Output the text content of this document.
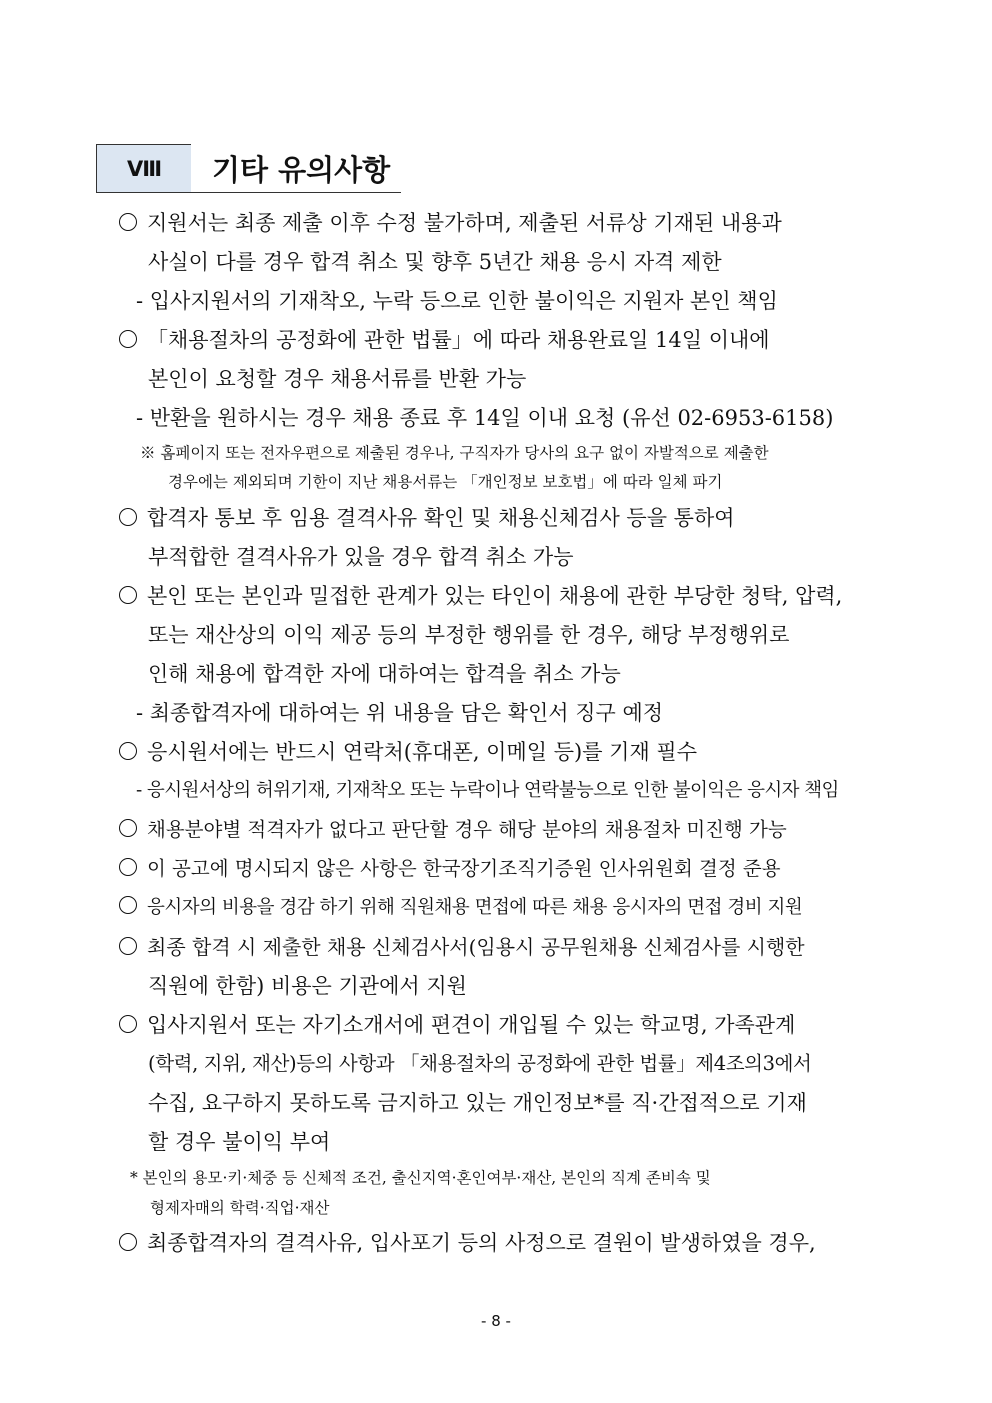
Ⅷ	기타 유의사항
지원서는 최종 제출 이후 수정 불가하며, 제출된 서류상 기재된 내용과
사실이 다를 경우 합격 취소 및 향후 5년간 채용 응시 자격 제한
- 입사지원서의 기재착오, 누락 등으로 인한 불이익은 지원자 본인 책임
「채용절차의 공정화에 관한 법률」에 따라 채용완료일 14일 이내에
본인이 요청할 경우 채용서류를 반환 가능
- 반환을 원하시는 경우 채용 종료 후 14일 이내 요청 (유선 02-6953-6158)
※ 홈페이지 또는 전자우편으로 제출된 경우나, 구직자가 당사의 요구 없이 자발적으로 제출한
경우에는 제외되며 기한이 지난 채용서류는 「개인정보 보호법」에 따라 일체 파기
합격자 통보 후 임용 결격사유 확인 및 채용신체검사 등을 통하여
부적합한 결격사유가 있을 경우 합격 취소 가능
본인 또는 본인과 밀접한 관계가 있는 타인이 채용에 관한 부당한 청탁, 압력,
또는 재산상의 이익 제공 등의 부정한 행위를 한 경우, 해당 부정행위로
인해 채용에 합격한 자에 대하여는 합격을 취소 가능
- 최종합격자에 대하여는 위 내용을 담은 확인서 징구 예정
응시원서에는 반드시 연락처(휴대폰, 이메일 등)를 기재 필수
- 응시원서상의 허위기재, 기재착오 또는 누락이나 연락불능으로 인한 불이익은 응시자 책임
채용분야별 적격자가 없다고 판단할 경우 해당 분야의 채용절차 미진행 가능
이 공고에 명시되지 않은 사항은 한국장기조직기증원 인사위원회 결정 준용
응시자의 비용을 경감 하기 위해 직원채용 면접에 따른 채용 응시자의 면접 경비 지원
최종 합격 시 제출한 채용 신체검사서(임용시 공무원채용 신체검사를 시행한
직원에 한함) 비용은 기관에서 지원
입사지원서 또는 자기소개서에 편견이 개입될 수 있는 학교명, 가족관계
(학력, 지위, 재산)등의 사항과 「채용절차의 공정화에 관한 법률」제4조의3에서
수집, 요구하지 못하도록 금지하고 있는 개인정보*를 직·간접적으로 기재
할 경우 불이익 부여
* 본인의 용모·키·체중 등 신체적 조건, 출신지역·혼인여부·재산, 본인의 직계 존비속 및
형제자매의 학력·직업·재산
최종합격자의 결격사유, 입사포기 등의 사정으로 결원이 발생하였을 경우,
- 8 -
